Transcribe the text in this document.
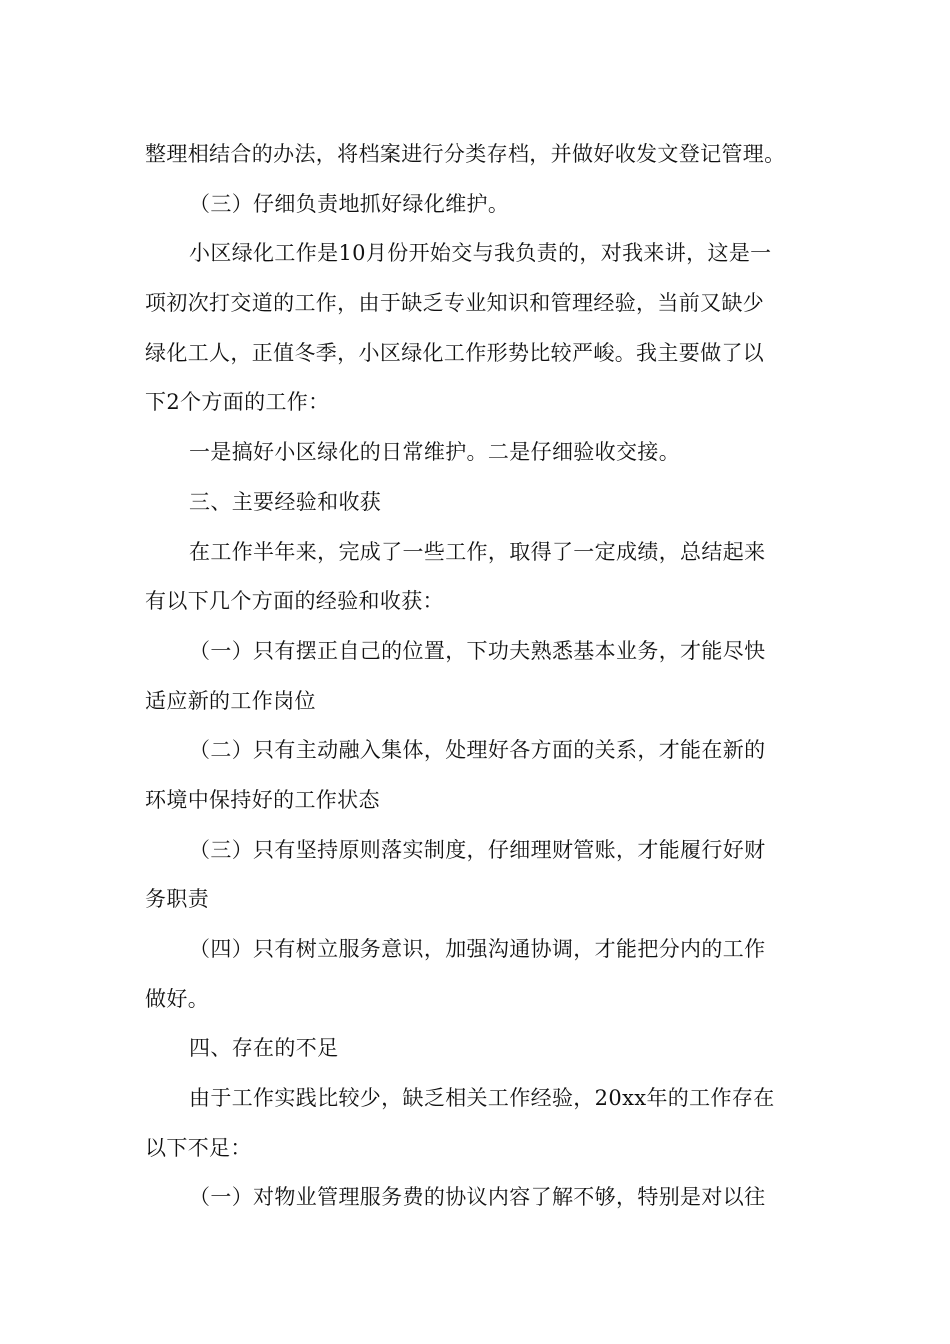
整理相结合的办法，将档案进行分类存档，并做好收发文登记管理。
（三）仔细负责地抓好绿化维护。
小区绿化工作是10月份开始交与我负责的，对我来讲，这是一
项初次打交道的工作，由于缺乏专业知识和管理经验，当前又缺少
绿化工人，正值冬季，小区绿化工作形势比较严峻。我主要做了以
下2个方面的工作：
一是搞好小区绿化的日常维护。二是仔细验收交接。
三、主要经验和收获
在工作半年来，完成了一些工作，取得了一定成绩，总结起来
有以下几个方面的经验和收获：
（一）只有摆正自己的位置，下功夫熟悉基本业务，才能尽快
适应新的工作岗位
（二）只有主动融入集体，处理好各方面的关系，才能在新的
环境中保持好的工作状态
（三）只有坚持原则落实制度，仔细理财管账，才能履行好财
务职责
（四）只有树立服务意识，加强沟通协调，才能把分内的工作
做好。
四、存在的不足
由于工作实践比较少，缺乏相关工作经验，20xx年的工作存在
以下不足：
（一）对物业管理服务费的协议内容了解不够，特别是对以往
